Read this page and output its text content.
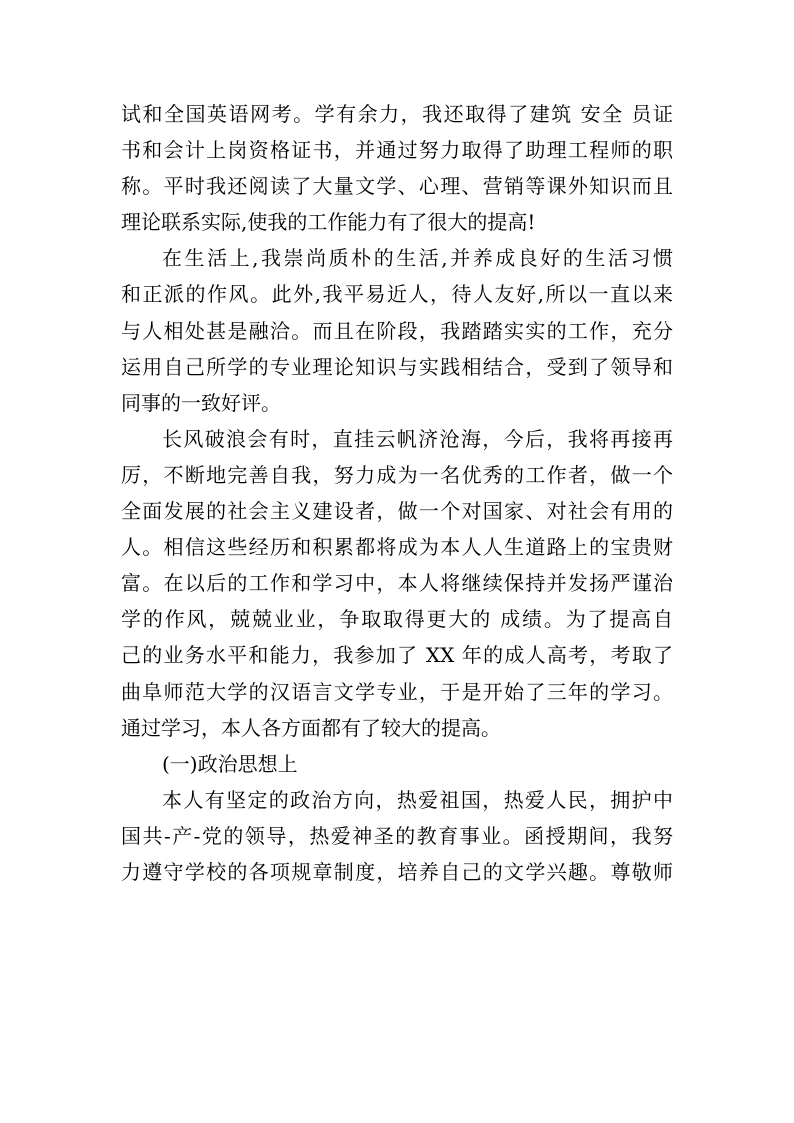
试和全国英语网考。学有余力，我还取得了建筑 安全 员证
书和会计上岗资格证书，并通过努力取得了助理工程师的职
称。平时我还阅读了大量文学、心理、营销等课外知识而且
理论联系实际,使我的工作能力有了很大的提高!
在生活上,我崇尚质朴的生活,并养成良好的生活习惯
和正派的作风。此外,我平易近人，待人友好,所以一直以来
与人相处甚是融洽。而且在阶段，我踏踏实实的工作，充分
运用自己所学的专业理论知识与实践相结合，受到了领导和
同事的一致好评。
长风破浪会有时，直挂云帆济沧海，今后，我将再接再
厉，不断地完善自我，努力成为一名优秀的工作者，做一个
全面发展的社会主义建设者，做一个对国家、对社会有用的
人。相信这些经历和积累都将成为本人人生道路上的宝贵财
富。在以后的工作和学习中，本人将继续保持并发扬严谨治
学的作风，兢兢业业，争取取得更大的 成绩。为了提高自
己的业务水平和能力，我参加了 XX 年的成人高考，考取了
曲阜师范大学的汉语言文学专业，于是开始了三年的学习。
通过学习，本人各方面都有了较大的提高。
(一)政治思想上
本人有坚定的政治方向，热爱祖国，热爱人民，拥护中
国共-产-党的领导，热爱神圣的教育事业。函授期间，我努
力遵守学校的各项规章制度，培养自己的文学兴趣。尊敬师
